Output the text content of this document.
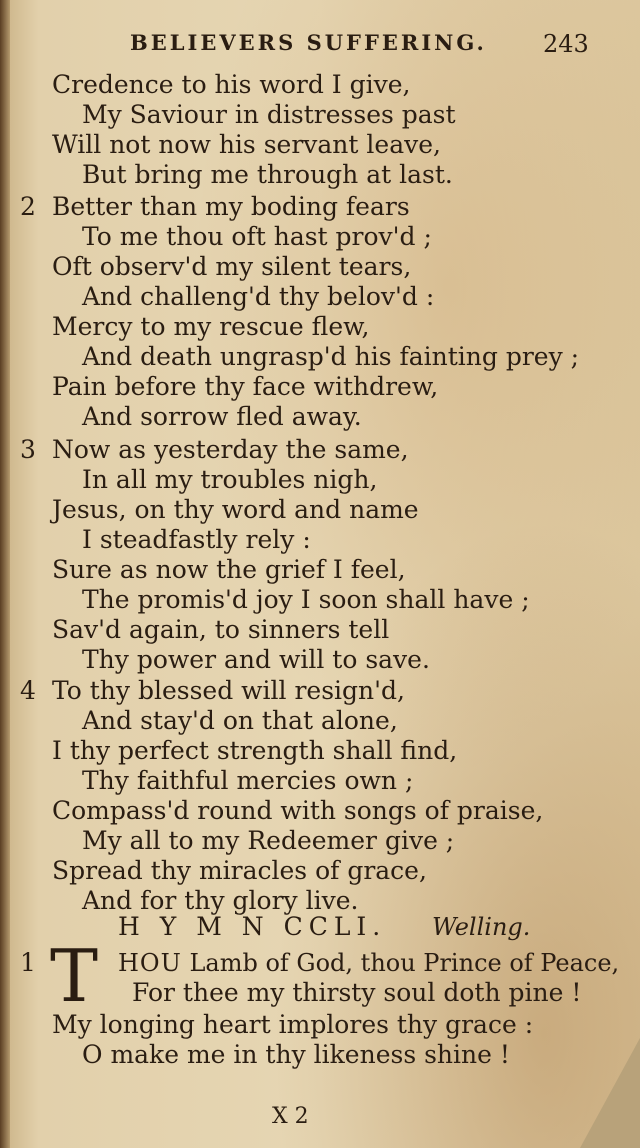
BELIEVERS SUFFERING. 243
Credence to his word I give,
My Saviour in distresses past
Will not now his servant leave,
But bring me through at last.
2 Better than my boding fears
To me thou oft hast prov'd ;
Oft observ'd my silent tears,
And challeng'd thy belov'd :
Mercy to my rescue flew,
And death ungrasp'd his fainting prey ;
Pain before thy face withdrew,
And sorrow fled away.
3 Now as yesterday the same,
In all my troubles nigh,
Jesus, on thy word and name
I steadfastly rely :
Sure as now the grief I feel,
The promis'd joy I soon shall have ;
Sav'd again, to sinners tell
Thy power and will to save.
4 To thy blessed will resign'd,
And stay'd on that alone,
I thy perfect strength shall find,
Thy faithful mercies own ;
Compass'd round with songs of praise,
My all to my Redeemer give ;
Spread thy miracles of grace,
And for thy glory live.
H Y M N CCLI. Welling.
1 T HOU Lamb of God, thou Prince of Peace,
For thee my thirsty soul doth pine !
My longing heart implores thy grace :
O make me in thy likeness shine !
X 2
